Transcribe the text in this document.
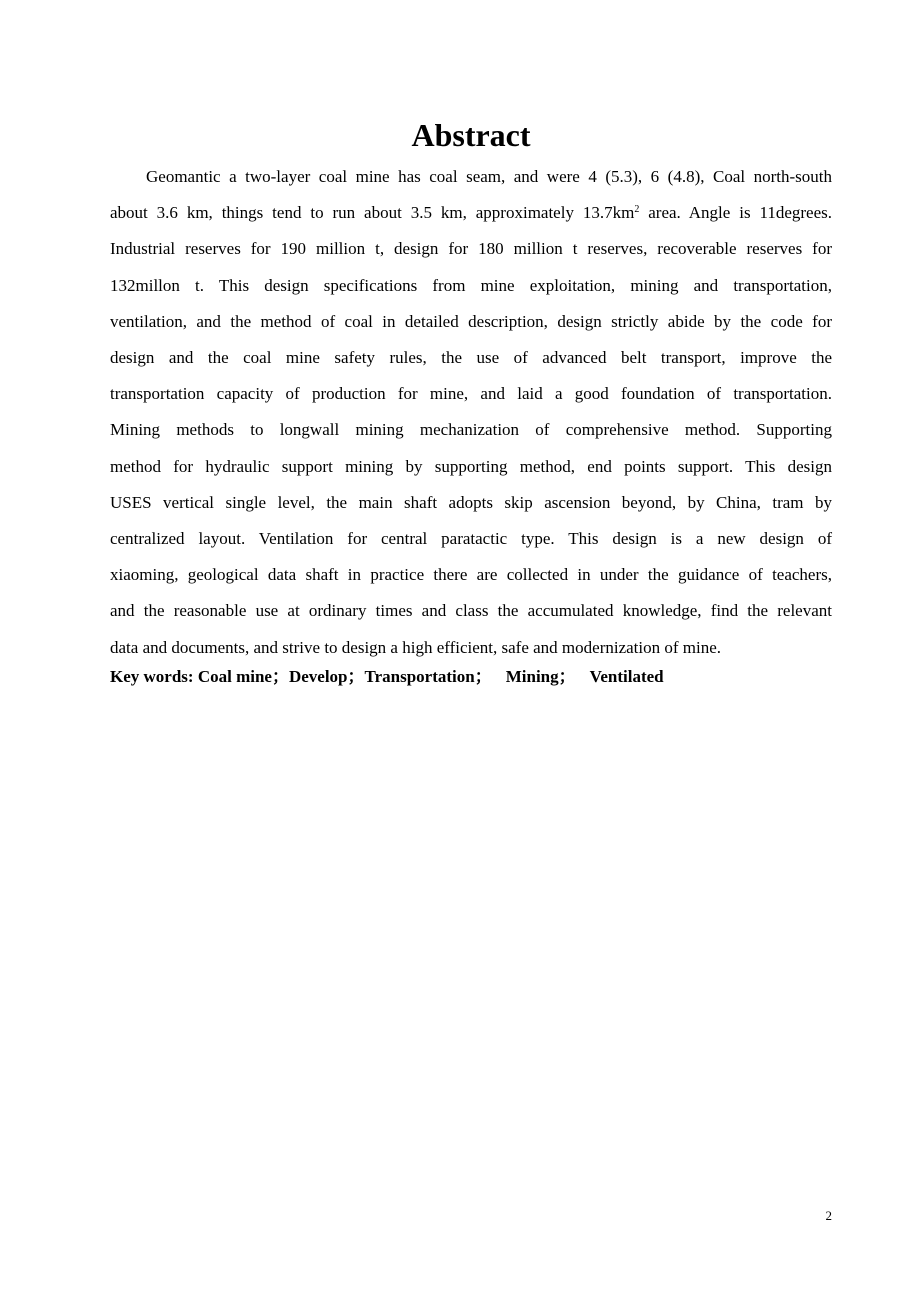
Abstract
Geomantic a two-layer coal mine has coal seam, and were 4 (5.3), 6 (4.8), Coal north-south
about 3.6 km, things tend to run about 3.5 km, approximately $13.7km^2$ area. Angle is 11degrees.
Industrial reserves for 190 million t, design for 180 million t reserves, recoverable reserves for
132millon t. This design specifications from mine exploitation, mining and transportation,
ventilation, and the method of coal in detailed description, design strictly abide by the code for
design and the coal mine safety rules, the use of advanced belt transport, improve the
transportation capacity of production for mine, and laid a good foundation of transportation.
Mining methods to longwall mining mechanization of comprehensive method. Supporting
method for hydraulic support mining by supporting method, end points support. This design
USES vertical single level, the main shaft adopts skip ascension beyond, by China, tram by
centralized layout. Ventilation for central paratactic type. This design is a new design of
xiaoming, geological data shaft in practice there are collected in under the guidance of teachers,
and the reasonable use at ordinary times and class the accumulated knowledge, find the relevant
data and documents, and strive to design a high efficient, safe and modernization of mine.

Key words: Coal mine；Develop；Transportation； Mining； Ventilated

2
